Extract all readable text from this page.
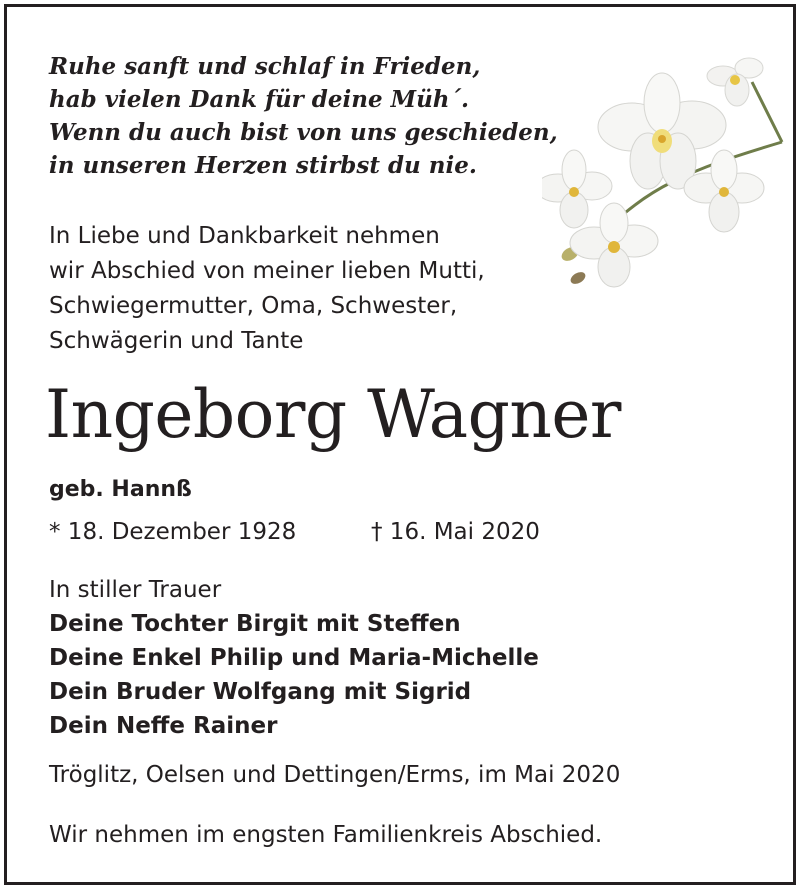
Ruhe sanft und schlaf in Frieden,
hab vielen Dank für deine Müh´.
Wenn du auch bist von uns geschieden,
in unseren Herzen stirbst du nie.
In Liebe und Dankbarkeit nehmen
wir Abschied von meiner lieben Mutti,
Schwiegermutter, Oma, Schwester,
Schwägerin und Tante
Ingeborg Wagner
geb. Hannß
* 18. Dezember 1928	† 16. Mai 2020
In stiller Trauer
Deine Tochter Birgit mit Steffen
Deine Enkel Philip und Maria-Michelle
Dein Bruder Wolfgang mit Sigrid
Dein Neffe Rainer
Tröglitz, Oelsen und Dettingen/Erms, im Mai 2020
Wir nehmen im engsten Familienkreis Abschied.
